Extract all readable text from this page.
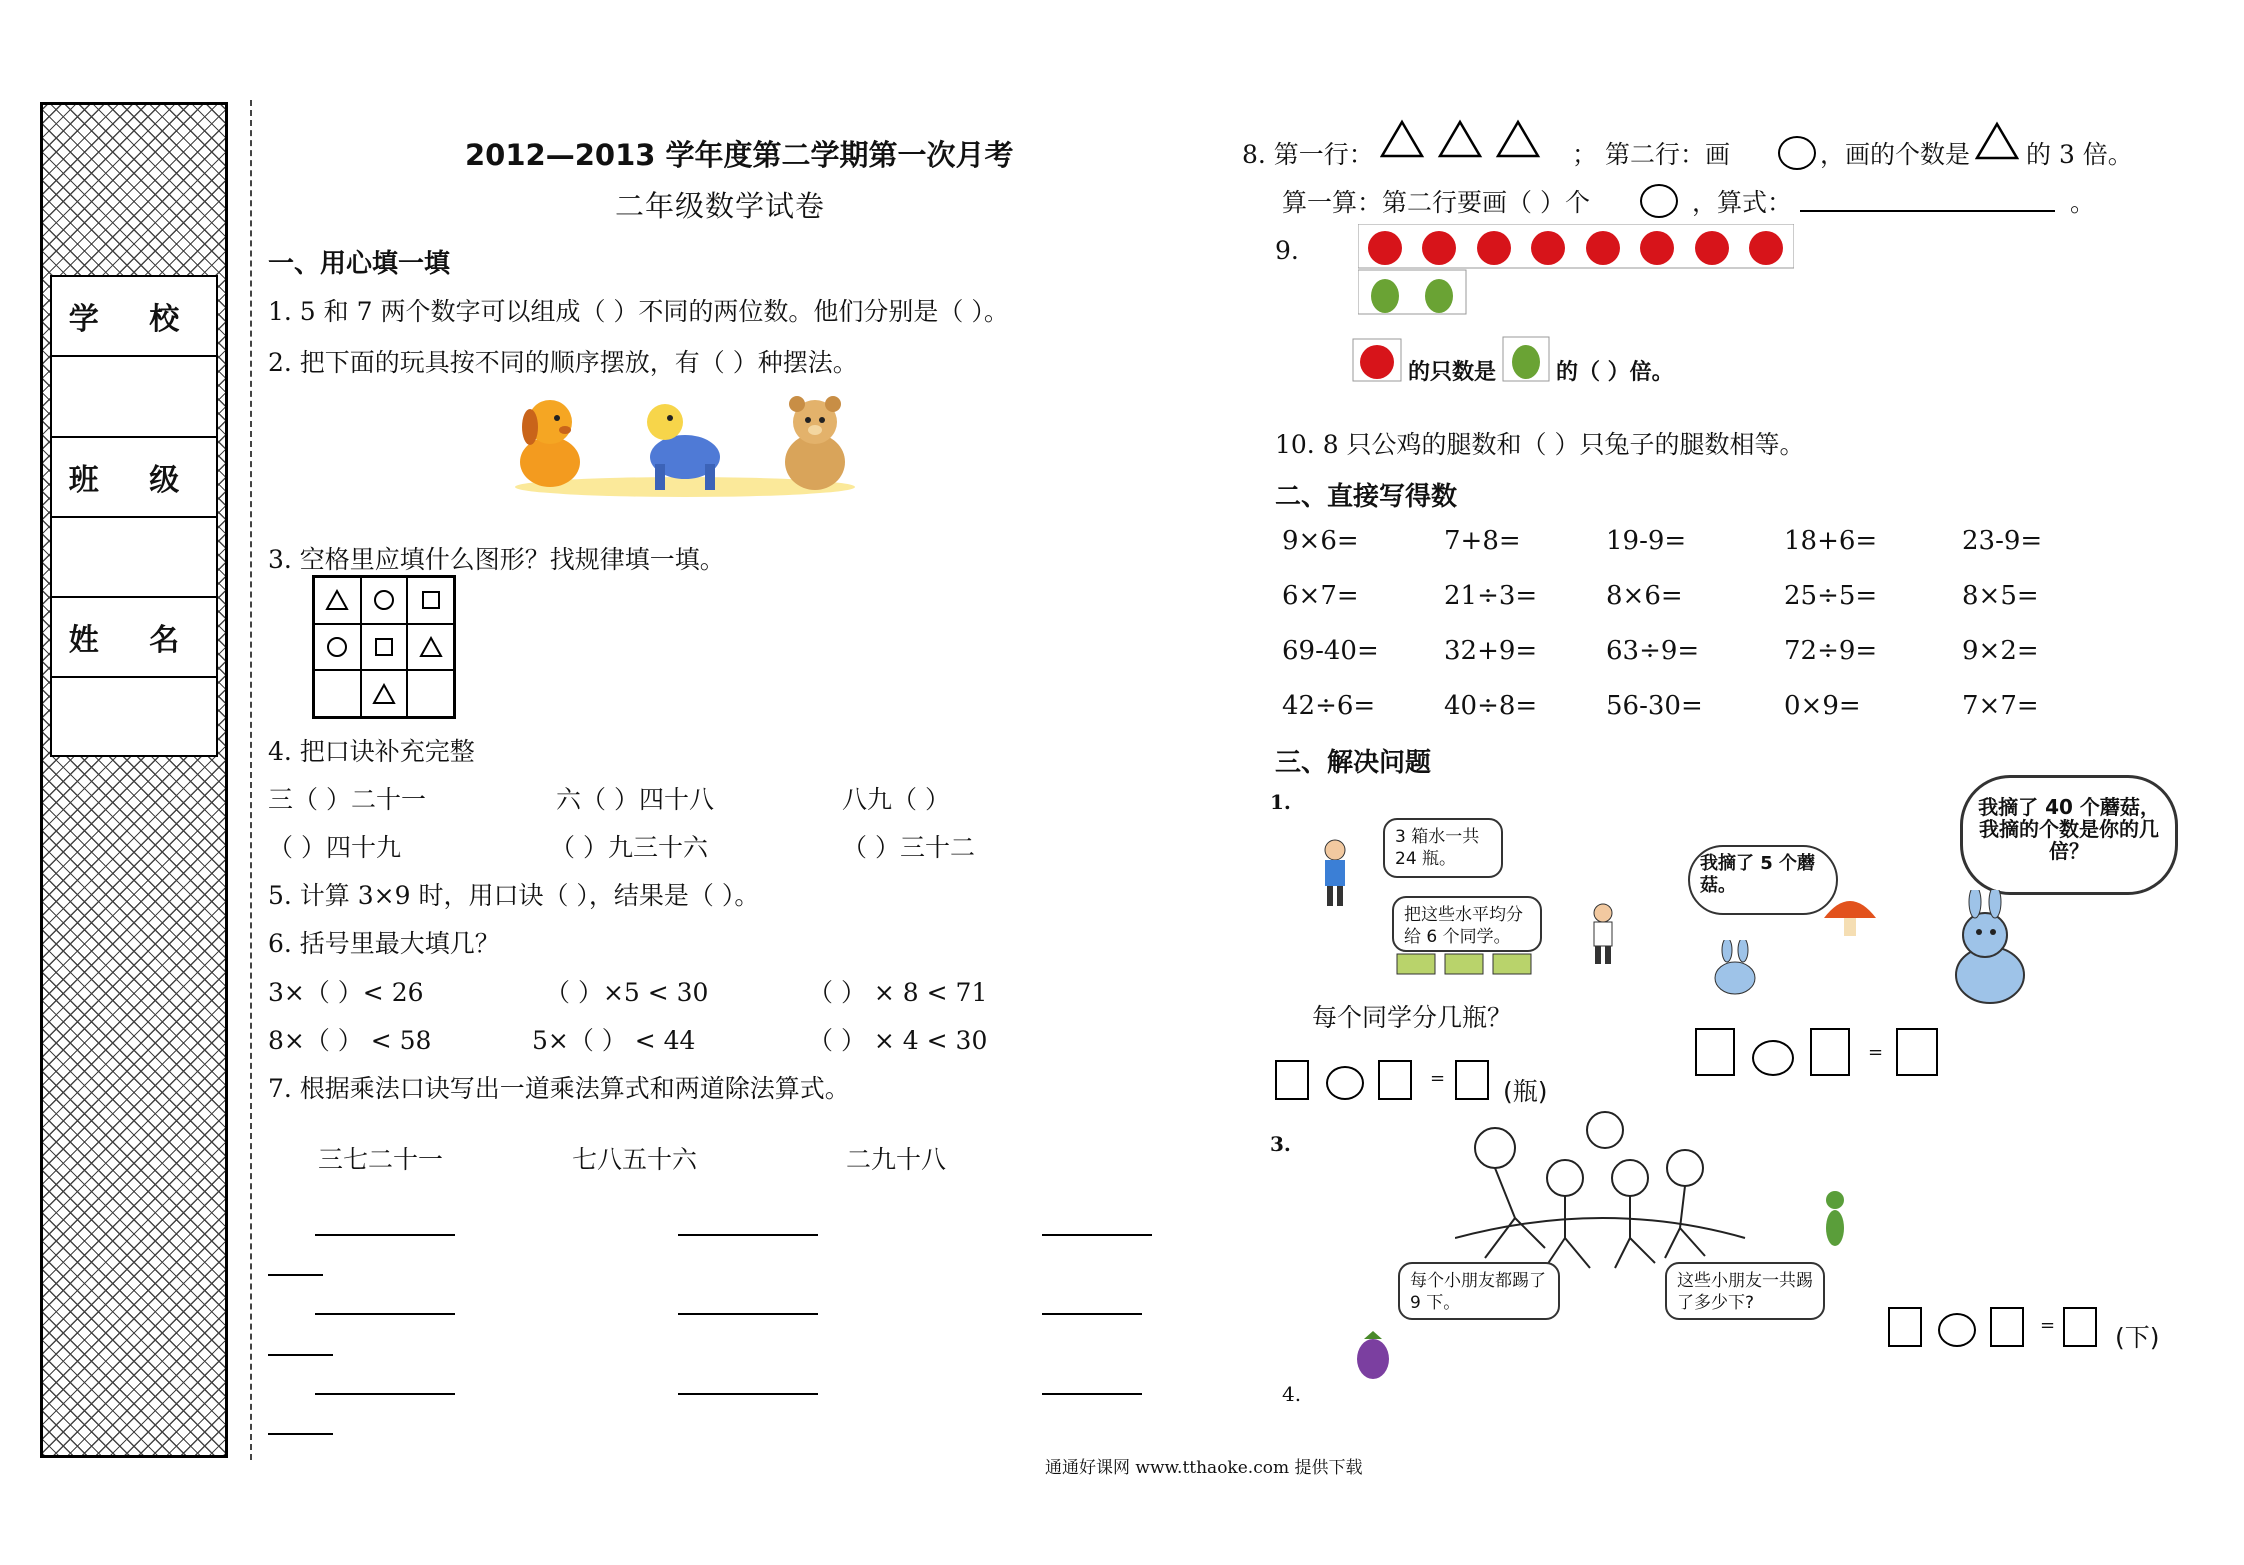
学 校
班 级
姓 名
2012—2013 学年度第二学期第一次月考
二年级数学试卷
一、用心填一填
1. 5 和 7 两个数字可以组成（ ）不同的两位数。他们分别是（ ）。
2. 把下面的玩具按不同的顺序摆放，有（ ）种摆法。
3. 空格里应填什么图形？找规律填一填。
4. 把口诀补充完整
三（ ）二十一	六（ ）四十八	八九（ ）
（ ）四十九	（ ）九三十六	（ ）三十二
5. 计算 3×9 时，用口诀（ ），结果是（ ）。
6. 括号里最大填几？
3×（ ）< 26	（ ）×5 < 30	（ ） × 8 < 71
8×（ ） < 58	5×（ ） < 44	（ ） × 4 < 30
7. 根据乘法口诀写出一道乘法算式和两道除法算式。
三七二十一	七八五十六	二九十八
8. 第一行：	； 第二行：画	，画的个数是 的 3 倍。
算一算：第二行要画（ ）个	，算式：	。
9.
的只数是	的（ ）倍。
10. 8 只公鸡的腿数和（ ）只兔子的腿数相等。
二、直接写得数
9×6=	7+8=	19-9=	18+6=	23-9=
6×7=	21÷3=	8×6=	25÷5=	8×5=
69-40=	32+9=	63÷9=	72÷9=	9×2=
42÷6=	40÷8=	56-30=	0×9=	7×7=
三、解决问题
1.
3 箱水一共 24 瓶。
把这些水平均分给 6 个同学。
每个同学分几瓶？
= (瓶)
我摘了 5 个蘑菇。
我摘了 40 个蘑菇，我摘的个数是你的几倍？
=
3.
每个小朋友都踢了 9 下。
这些小朋友一共踢了多少下?
= (下)
4.
通通好课网 www.tthaoke.com 提供下载
